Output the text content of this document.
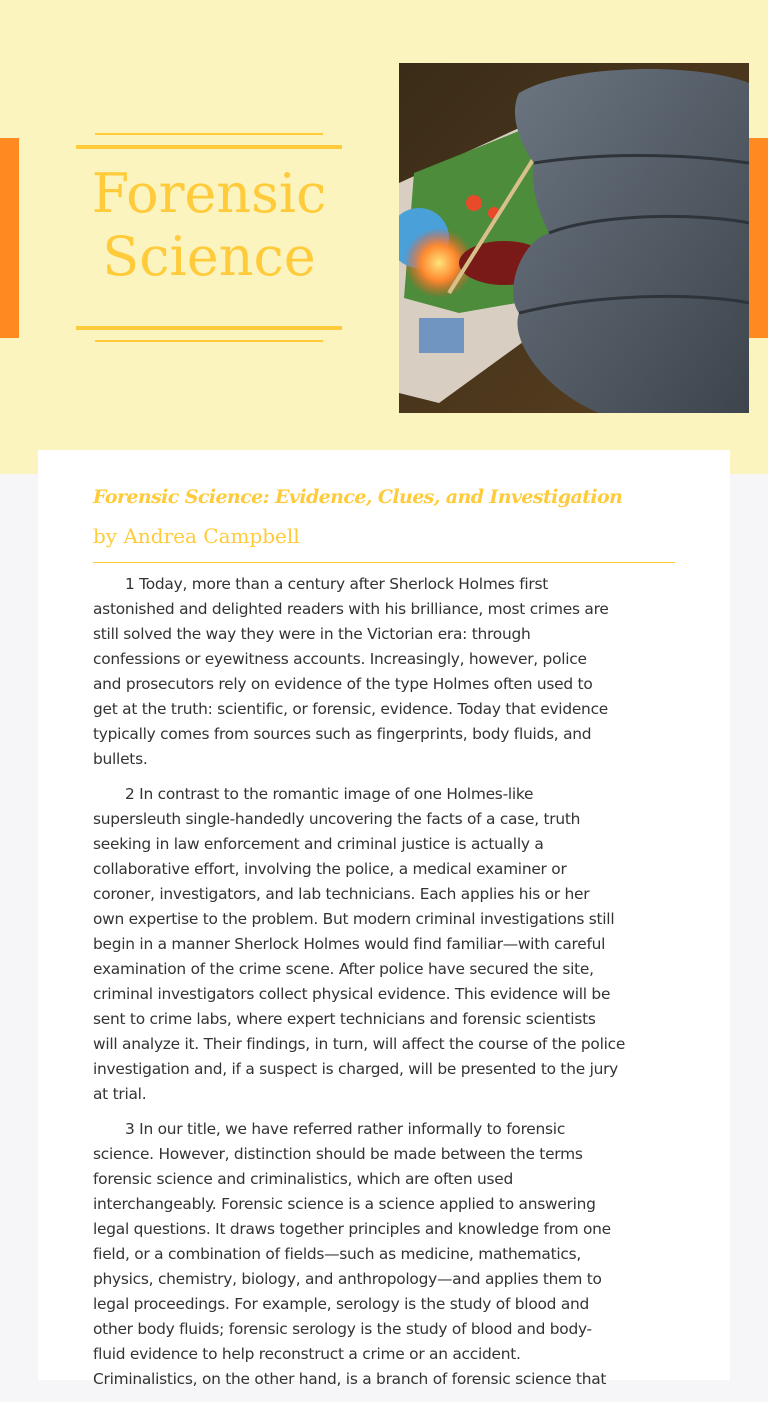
Forensic
Science
Forensic Science: Evidence, Clues, and Investigation
by Andrea Campbell
1 Today, more than a century after Sherlock Holmes first
astonished and delighted readers with his brilliance, most crimes are
still solved the way they were in the Victorian era: through
confessions or eyewitness accounts. Increasingly, however, police
and prosecutors rely on evidence of the type Holmes often used to
get at the truth: scientific, or forensic, evidence. Today that evidence
typically comes from sources such as fingerprints, body fluids, and
bullets.
2 In contrast to the romantic image of one Holmes-like
supersleuth single-handedly uncovering the facts of a case, truth
seeking in law enforcement and criminal justice is actually a
collaborative effort, involving the police, a medical examiner or
coroner, investigators, and lab technicians. Each applies his or her
own expertise to the problem. But modern criminal investigations still
begin in a manner Sherlock Holmes would find familiar—with careful
examination of the crime scene. After police have secured the site,
criminal investigators collect physical evidence. This evidence will be
sent to crime labs, where expert technicians and forensic scientists
will analyze it. Their findings, in turn, will affect the course of the police
investigation and, if a suspect is charged, will be presented to the jury
at trial.
3 In our title, we have referred rather informally to forensic
science. However, distinction should be made between the terms
forensic science and criminalistics, which are often used
interchangeably. Forensic science is a science applied to answering
legal questions. It draws together principles and knowledge from one
field, or a combination of fields—such as medicine, mathematics,
physics, chemistry, biology, and anthropology—and applies them to
legal proceedings. For example, serology is the study of blood and
other body fluids; forensic serology is the study of blood and body-
fluid evidence to help reconstruct a crime or an accident.
Criminalistics, on the other hand, is a branch of forensic science that
